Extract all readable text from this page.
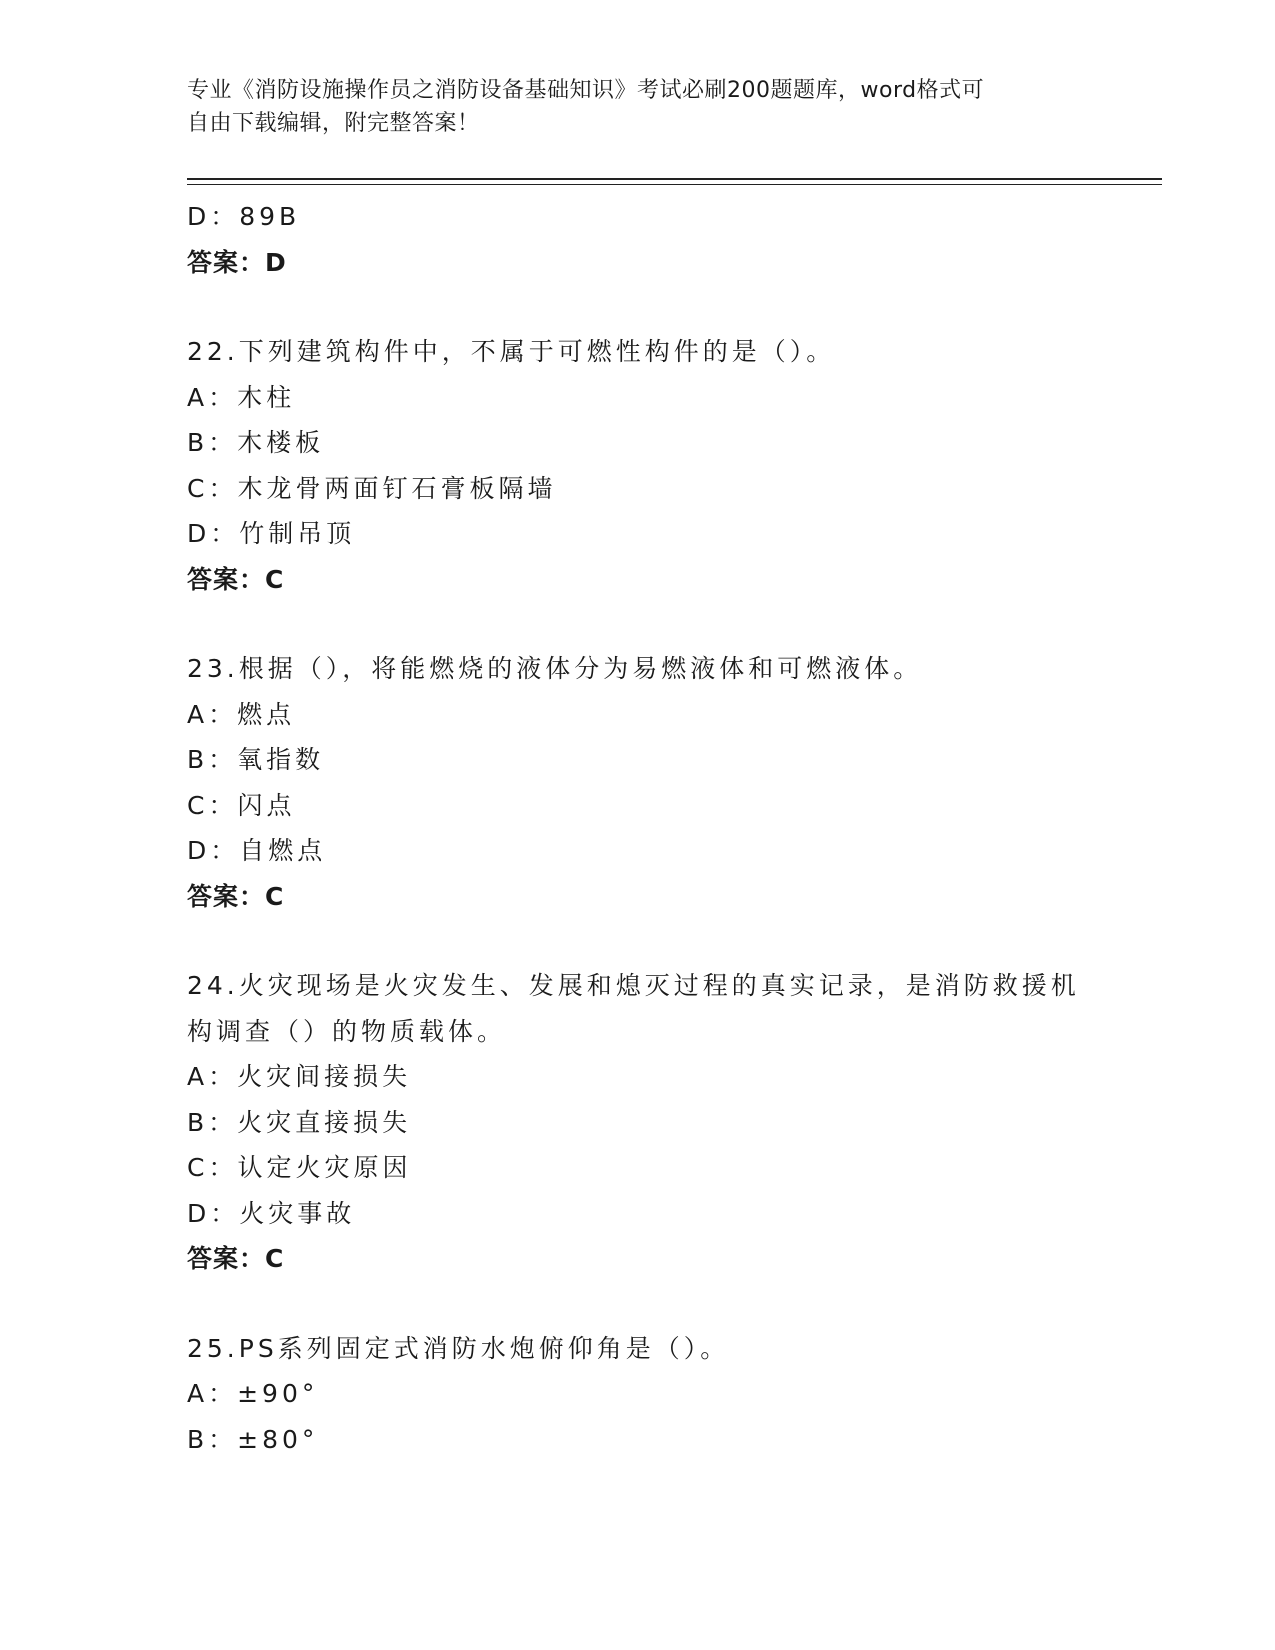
专业《消防设施操作员之消防设备基础知识》考试必刷200题题库，word格式可
自由下载编辑，附完整答案！
D：89B
答案：D
22.下列建筑构件中，不属于可燃性构件的是（）。
A：木柱
B：木楼板
C：木龙骨两面钉石膏板隔墙
D：竹制吊顶
答案：C
23.根据（），将能燃烧的液体分为易燃液体和可燃液体。
A：燃点
B：氧指数
C：闪点
D：自燃点
答案：C
24.火灾现场是火灾发生、发展和熄灭过程的真实记录，是消防救援机
构调查（）的物质载体。
A：火灾间接损失
B：火灾直接损失
C：认定火灾原因
D：火灾事故
答案：C
25.PS系列固定式消防水炮俯仰角是（）。
A：±90°
B：±80°
